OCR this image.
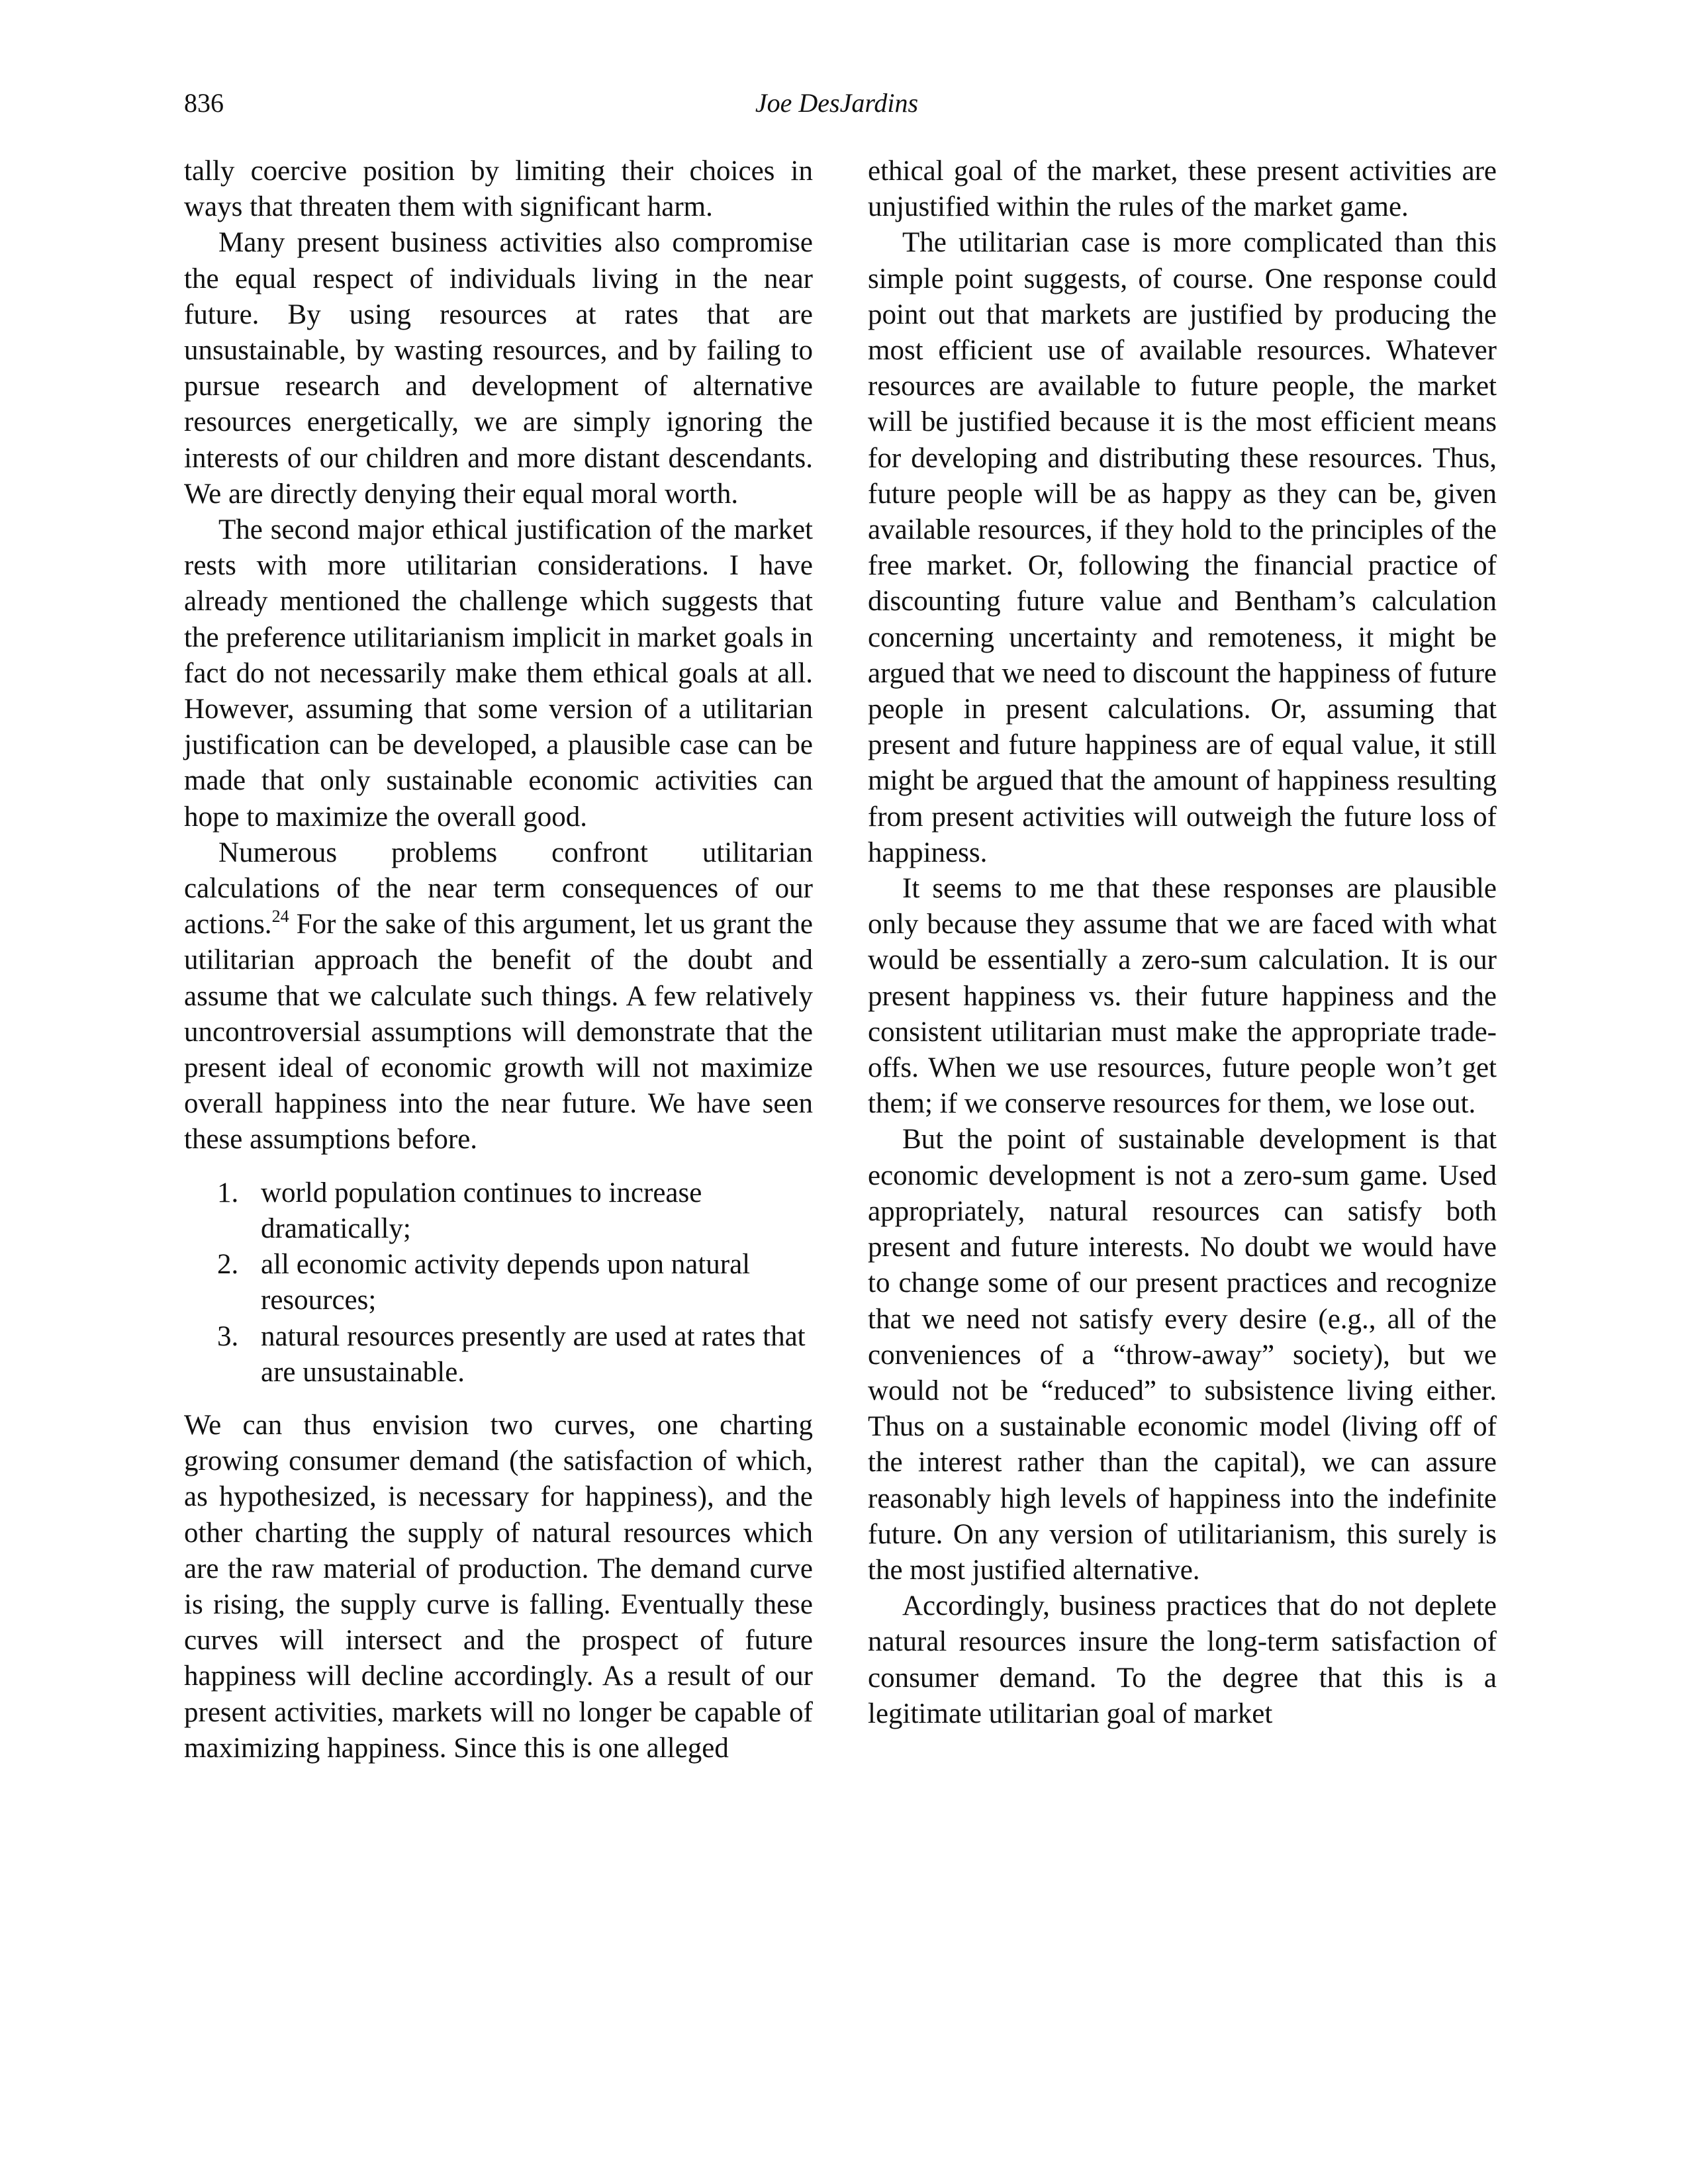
836	Joe DesJardins

tally coercive position by limiting their choices in ways that threaten them with significant harm.

Many present business activities also compromise the equal respect of individuals living in the near future. By using resources at rates that are unsustainable, by wasting resources, and by failing to pursue research and development of alternative resources energetically, we are simply ignoring the interests of our children and more distant descendants. We are directly denying their equal moral worth.

The second major ethical justification of the market rests with more utilitarian considerations. I have already mentioned the challenge which suggests that the preference utilitarianism implicit in market goals in fact do not necessarily make them ethical goals at all. However, assuming that some version of a utilitarian justification can be developed, a plausible case can be made that only sustainable economic activities can hope to maximize the overall good.

Numerous problems confront utilitarian calculations of the near term consequences of our actions.$^{24}$ For the sake of this argument, let us grant the utilitarian approach the benefit of the doubt and assume that we calculate such things. A few relatively uncontroversial assumptions will demonstrate that the present ideal of economic growth will not maximize overall happiness into the near future. We have seen these assumptions before.

1. world population continues to increase dramatically;
2. all economic activity depends upon natural resources;
3. natural resources presently are used at rates that are unsustainable.

We can thus envision two curves, one charting growing consumer demand (the satisfaction of which, as hypothesized, is necessary for happiness), and the other charting the supply of natural resources which are the raw material of production. The demand curve is rising, the supply curve is falling. Eventually these curves will intersect and the prospect of future happiness will decline accordingly. As a result of our present activities, markets will no longer be capable of maximizing happiness. Since this is one alleged

ethical goal of the market, these present activities are unjustified within the rules of the market game.

The utilitarian case is more complicated than this simple point suggests, of course. One response could point out that markets are justified by producing the most efficient use of available resources. Whatever resources are available to future people, the market will be justified because it is the most efficient means for developing and distributing these resources. Thus, future people will be as happy as they can be, given available resources, if they hold to the principles of the free market. Or, following the financial practice of discounting future value and Bentham’s calculation concerning uncertainty and remoteness, it might be argued that we need to discount the happiness of future people in present calculations. Or, assuming that present and future happiness are of equal value, it still might be argued that the amount of happiness resulting from present activities will outweigh the future loss of happiness.

It seems to me that these responses are plausible only because they assume that we are faced with what would be essentially a zero-sum calculation. It is our present happiness vs. their future happiness and the consistent utilitarian must make the appropriate trade-offs. When we use resources, future people won’t get them; if we conserve resources for them, we lose out.

But the point of sustainable development is that economic development is not a zero-sum game. Used appropriately, natural resources can satisfy both present and future interests. No doubt we would have to change some of our present practices and recognize that we need not satisfy every desire (e.g., all of the conveniences of a “throw-away” society), but we would not be “reduced” to subsistence living either. Thus on a sustainable economic model (living off of the interest rather than the capital), we can assure reasonably high levels of happiness into the indefinite future. On any version of utilitarianism, this surely is the most justified alternative.

Accordingly, business practices that do not deplete natural resources insure the long-term satisfaction of consumer demand. To the degree that this is a legitimate utilitarian goal of market
